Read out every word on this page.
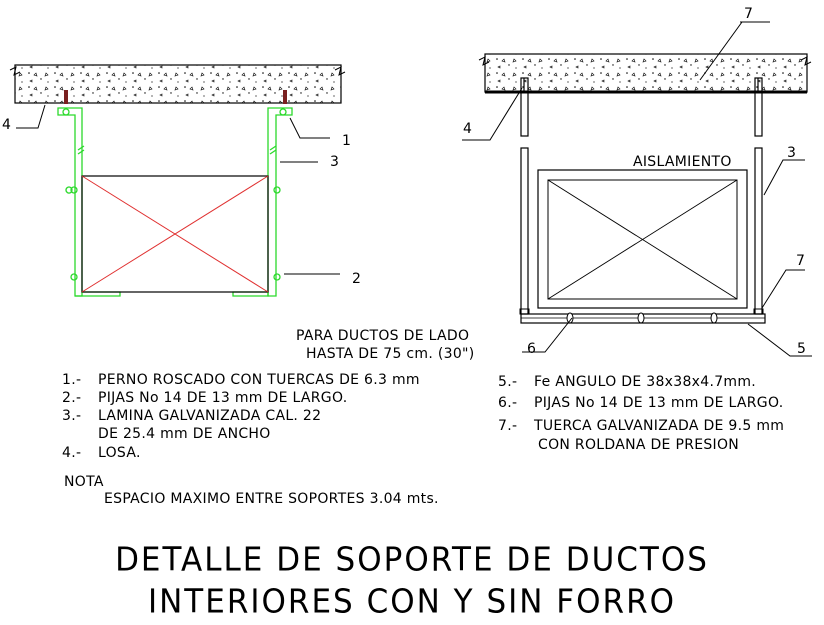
4
1
3
2
7
4
3
7
6	5
AISLAMIENTO
PARA DUCTOS DE LADO
HASTA DE 75 cm. (30")
1.- PERNO ROSCADO CON TUERCAS DE 6.3 mm
2.- PIJAS No 14 DE 13 mm DE LARGO.
3.- LAMINA GALVANIZADA CAL. 22
DE 25.4 mm DE ANCHO
4.- LOSA.
5.- Fe ANGULO DE 38x38x4.7mm.
6.- PIJAS No 14 DE 13 mm DE LARGO.
7.- TUERCA GALVANIZADA DE 9.5 mm
CON ROLDANA DE PRESION
NOTA
ESPACIO MAXIMO ENTRE SOPORTES 3.04 mts.
DETALLE DE SOPORTE DE DUCTOS
INTERIORES CON Y SIN FORRO
